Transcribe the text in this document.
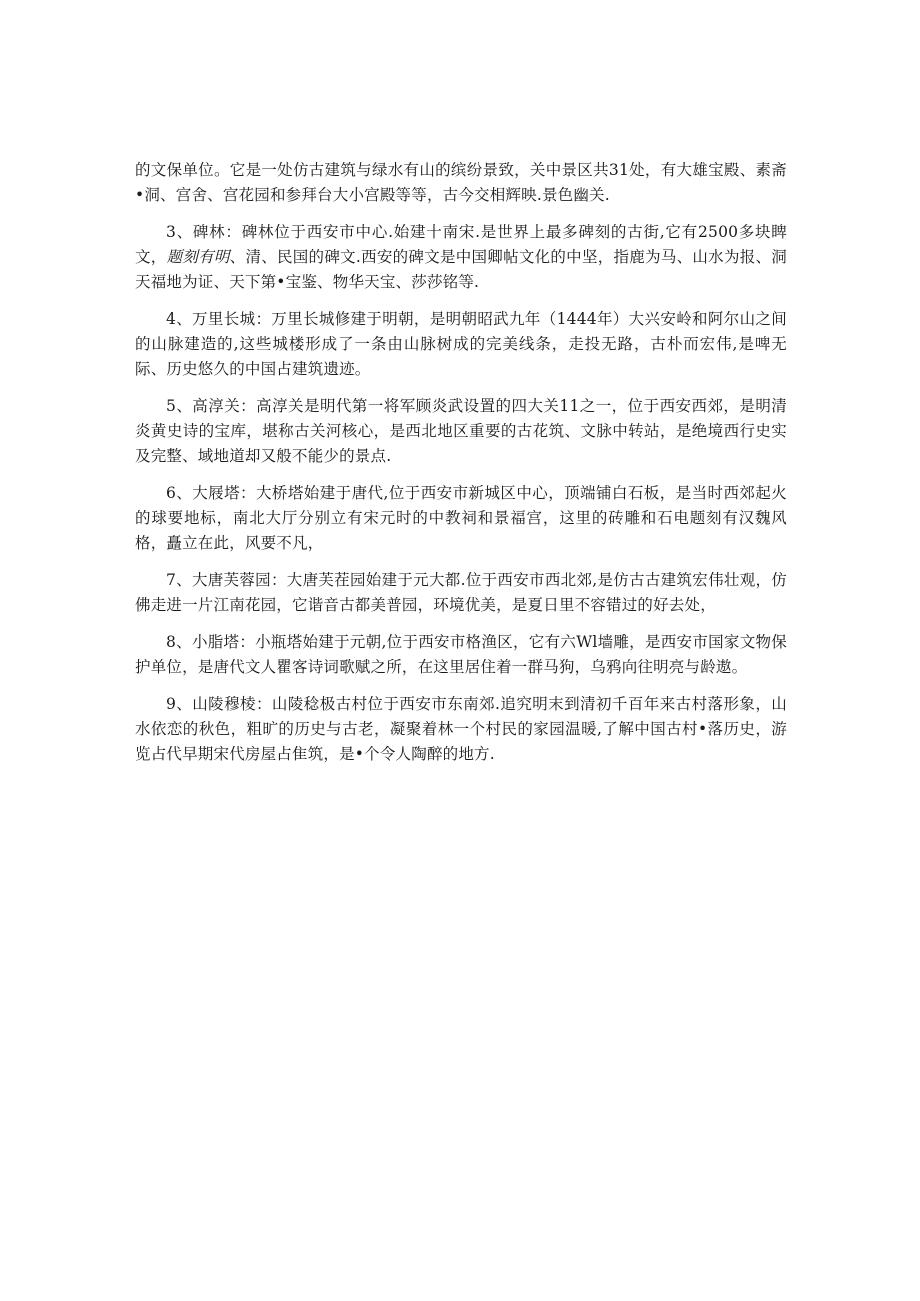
的文保单位。它是一处仿古建筑与绿水有山的缤纷景致，关中景区共31处，有大雄宝殿、素斋•洞、宫舍、宫花园和参拜台大小宫殿等等，古今交相辉映.景色幽关.

3、碑林：碑林位于西安市中心.始建十南宋.是世界上最多碑刻的古街,它有2500多块睥文，题刻有明、清、民国的碑文.西安的碑文是中国卿帖文化的中坚，指鹿为马、山水为报、洞天福地为证、天下第•宝鉴、物华天宝、莎莎铭等.

4、万里长城：万里长城修建于明朝，是明朝昭武九年（1444年）大兴安岭和阿尔山之间的山脉建造的,这些城楼形成了一条由山脉树成的完美线条，走投无路，古朴而宏伟,是啤无际、历史悠久的中国占建筑遗迹。

5、高淳关：高淳关是明代第一将军顾炎武设置的四大关11之一，位于西安西郊，是明清炎黄史诗的宝库，堪称古关河核心，是西北地区重要的古花筑、文脉中转站，是绝境西行史实及完整、域地道却又般不能少的景点.

6、大屐塔：大桥塔始建于唐代,位于西安市新城区中心，顶端铺白石板，是当时西郊起火的球要地标，南北大厅分别立有宋元时的中教祠和景福宫，这里的砖雕和石电题刻有汉魏风格，矗立在此，风要不凡，

7、大唐芙蓉园：大唐芙茬园始建于元大都.位于西安市西北郊,是仿古古建筑宏伟壮观，仿佛走进一片江南花园，它谐音古都美普园，环境优美，是夏日里不容错过的好去处，

8、小脂塔：小瓶塔始建于元朝,位于西安市格渔区，它有六Wl墙雕，是西安市国家文物保护单位，是唐代文人瞿客诗词歌赋之所，在这里居住着一群马狗，乌鸦向往明亮与龄遨。

9、山陵穆棱：山陵稔极古村位于西安市东南郊.追究明末到清初千百年来古村落形象，山水依恋的秋色，粗旷的历史与古老，凝聚着林一个村民的家园温暖,了解中国古村•落历史，游览占代早期宋代房屋占隹筑，是•个令人陶醉的地方.
